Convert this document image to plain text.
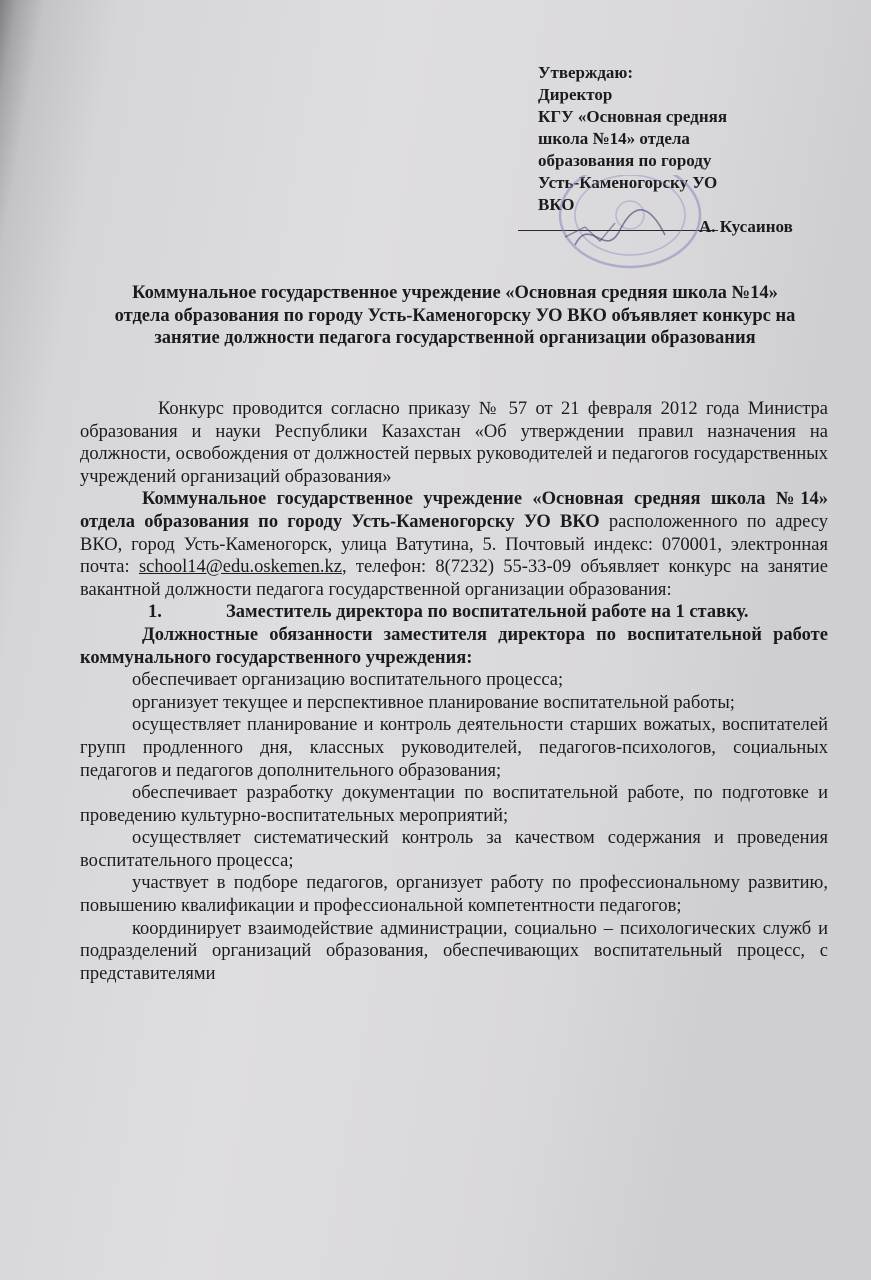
Утверждаю:
Директор
КГУ «Основная средняя
школа №14» отдела
образования по городу
Усть-Каменогорску УО
ВКО
А. Кусаинов
Коммунальное государственное учреждение «Основная средняя школа №14» отдела образования по городу Усть-Каменогорску УО ВКО объявляет конкурс на занятие должности педагога государственной организации образования

Конкурс проводится согласно приказу № 57 от 21 февраля 2012 года Министра образования и науки Республики Казахстан «Об утверждении правил назначения на должности, освобождения от должностей первых руководителей и педагогов государственных учреждений организаций образования»

Коммунальное государственное учреждение «Основная средняя школа №14» отдела образования по городу Усть-Каменогорску УО ВКО расположенного по адресу ВКО, город Усть-Каменогорск, улица Ватутина, 5. Почтовый индекс: 070001, электронная почта: school14@edu.oskemen.kz, телефон: 8(7232) 55-33-09 объявляет конкурс на занятие вакантной должности педагога государственной организации образования:

1.	Заместитель директора по воспитательной работе на 1 ставку.

Должностные обязанности заместителя директора по воспитательной работе коммунального государственного учреждения:

обеспечивает организацию воспитательного процесса;

организует текущее и перспективное планирование воспитательной работы;

осуществляет планирование и контроль деятельности старших вожатых, воспитателей групп продленного дня, классных руководителей, педагогов-психологов, социальных педагогов и педагогов дополнительного образования;

обеспечивает разработку документации по воспитательной работе, по подготовке и проведению культурно-воспитательных мероприятий;

осуществляет систематический контроль за качеством содержания и проведения воспитательного процесса;

участвует в подборе педагогов, организует работу по профессиональному развитию, повышению квалификации и профессиональной компетентности педагогов;

координирует взаимодействие администрации, социально – психологических служб и подразделений организаций образования, обеспечивающих воспитательный процесс, с представителями
